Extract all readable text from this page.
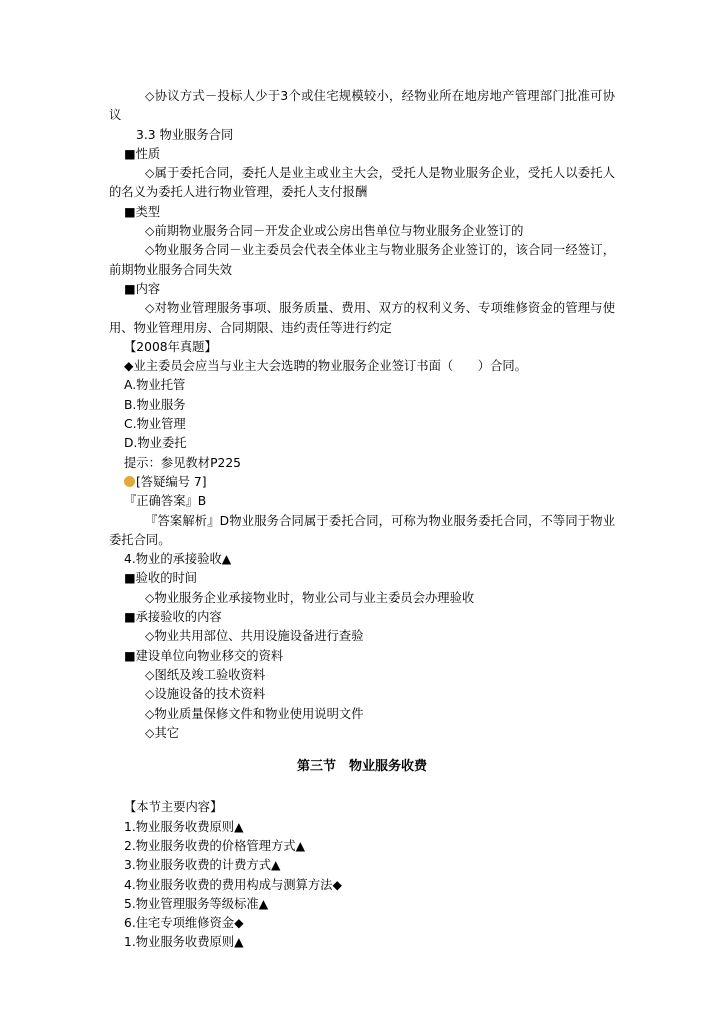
◇协议方式－投标人少于3个或住宅规模较小，经物业所在地房地产管理部门批准可协议
3.3 物业服务合同
■性质
◇属于委托合同，委托人是业主或业主大会，受托人是物业服务企业，受托人以委托人的名义为委托人进行物业管理，委托人支付报酬
■类型
◇前期物业服务合同－开发企业或公房出售单位与物业服务企业签订的
◇物业服务合同－业主委员会代表全体业主与物业服务企业签订的，该合同一经签订，前期物业服务合同失效
■内容
◇对物业管理服务事项、服务质量、费用、双方的权利义务、专项维修资金的管理与使用、物业管理用房、合同期限、违约责任等进行约定
【2008年真题】
◆业主委员会应当与业主大会选聘的物业服务企业签订书面（　　）合同。
A.物业托管
B.物业服务
C.物业管理
D.物业委托
提示：参见教材P225
[答疑编号 7]
『正确答案』B
『答案解析』D物业服务合同属于委托合同，可称为物业服务委托合同，不等同于物业委托合同。
4.物业的承接验收▲
■验收的时间
◇物业服务企业承接物业时，物业公司与业主委员会办理验收
■承接验收的内容
◇物业共用部位、共用设施设备进行查验
■建设单位向物业移交的资料
◇图纸及竣工验收资料
◇设施设备的技术资料
◇物业质量保修文件和物业使用说明文件
◇其它
第三节　物业服务收费
【本节主要内容】
1.物业服务收费原则▲
2.物业服务收费的价格管理方式▲
3.物业服务收费的计费方式▲
4.物业服务收费的费用构成与测算方法◆
5.物业管理服务等级标准▲
6.住宅专项维修资金◆
1.物业服务收费原则▲
